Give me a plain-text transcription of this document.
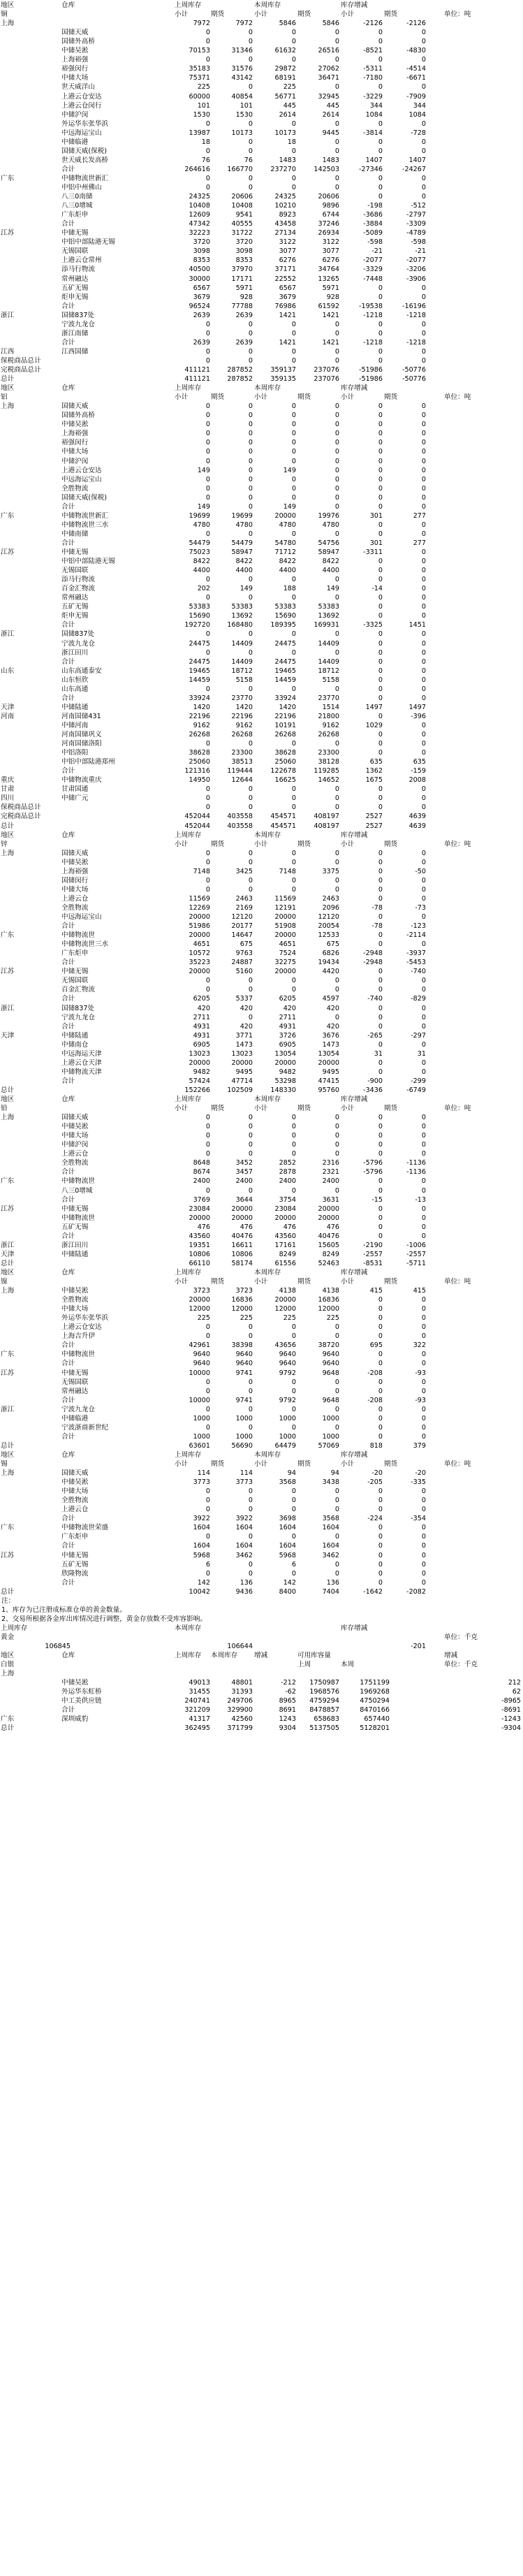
地区	仓库	上周库存	本周库存	库存增减
铜	小计	期货	小计	期货	小计	期货	单位：吨
上海	7972	7972	5846	5846	-2126	-2126
国储天威	0	0	0	0	0	0
国储外高桥	0	0	0	0	0	0
中储吴淞	70153	31346	61632	26516	-8521	-4830
上海裕强	0	0	0	0	0	0
裕强闵行	35183	31576	29872	27062	-5311	-4514
中储大场	75371	43142	68191	36471	-7180	-6671
世天威洋山	225	0	225	0	0	0
上港云仓安达	60000	40854	56771	32945	-3229	-7909
上港云仓闵行	101	101	445	445	344	344
中储沪闵	1530	1530	2614	2614	1084	1084
外运华东张华浜	0	0	0	0	0	0
中远海运宝山	13987	10173	10173	9445	-3814	-728
中储临港	18	0	18	0	0	0
国储天威(保税)	0	0	0	0	0	0
世天威长发高桥	76	76	1483	1483	1407	1407
合计	264616	166770	237270	142503	-27346	-24267
广东	中储物流世新汇	0	0	0	0	0	0
中铝中州佛山	0	0	0	0	0	0
八三0南储	24325	20606	24325	20606	0	0
八三0增城	10408	10408	10210	9896	-198	-512
广东炬申	12609	9541	8923	6744	-3686	-2797
合计	47342	40555	43458	37246	-3884	-3309
江苏	中储无锡	32223	31722	27134	26934	-5089	-4789
中铝中部陆港无锡	3720	3720	3122	3122	-598	-598
无锡国联	3098	3098	3077	3077	-21	-21
上港云仓常州	8353	8353	6276	6276	-2077	-2077
添马行物流	40500	37970	37171	34764	-3329	-3206
常州融达	30000	17171	22552	13265	-7448	-3906
五矿无锡	6567	5971	6567	5971	0	0
炬申无锡	3679	928	3679	928	0	0
合计	96524	77788	76986	61592	-19538	-16196
浙江	国储837处	2639	2639	1421	1421	-1218	-1218
宁波九龙仓	0	0	0	0	0	0
浙江南储	0	0	0	0	0	0
合计	2639	2639	1421	1421	-1218	-1218
江西	江西国储	0	0	0	0	0	0
保税商品总计	0	0	0	0	0	0
完税商品总计	411121	287852	359137	237076	-51986	-50776
总计	411121	287852	359135	237076	-51986	-50776
地区	仓库	上周库存	本周库存	库存增减
铝	小计	期货	小计	期货	小计	期货	单位：吨
上海	国储天威	0	0	0	0	0	0
国储外高桥	0	0	0	0	0	0
中储吴淞	0	0	0	0	0	0
上海裕强	0	0	0	0	0	0
裕强闵行	0	0	0	0	0	0
中储大场	0	0	0	0	0	0
中储沪闵	0	0	0	0	0	0
上港云仓安达	149	0	149	0	0	0
中远海运宝山	0	0	0	0	0	0
全胜物流	0	0	0	0	0	0
国储天威(保税)	0	0	0	0	0	0
合计	149	0	149	0	0	0
广东	中储物流世新汇	19699	19699	20000	19976	301	277
中储物流世三水	4780	4780	4780	4780	0	0
中储南储	0	0	0	0	0	0
合计	54479	54479	54780	54756	301	277
江苏	中储无锡	75023	58947	71712	58947	-3311	0
中铝中部陆港无锡	8422	8422	8422	8422	0	0
无锡国联	4400	4400	4400	4400	0	0
添马行物流	0	0	0	0	0	0
百金汇物流	202	149	188	149	-14	0
常州融达	0	0	0	0	0	0
五矿无锡	53383	53383	53383	53383	0	0
炬申无锡	15690	13692	15690	13692	0	0
合计	192720	168480	189395	169931	-3325	1451
浙江	国储837处	0	0	0	0	0	0
宁波九龙仓	24475	14409	24475	14409	0	0
浙江田川	0	0	0	0	0	0
合计	24475	14409	24475	14409	0	0
山东	山东高通泰安	19465	18712	19465	18712	0	0
山东恒欣	14459	5158	14459	5158	0	0
山东高通	0	0	0	0	0	0
合计	33924	23770	33924	23770	0	0
天津	中储陆通	1420	1420	1420	1514	1497	1497
河南	河南国储431	22196	22196	22196	21800	0	-396
中储河南	9162	9162	10191	9162	1029	0
河南国储巩义	26268	26268	26268	26268	0	0
河南国储洛阳	0	0	0	0	0	0
中铝洛阳	38628	23300	38628	23300	0	0
中铝中部陆港郑州	25060	38513	25060	38128	635	635
合计	121316	119444	122678	119285	1362	-159
重庆	中储物流重庆	14950	12644	16625	14652	1675	2008
甘肃	甘肃国通	0	0	0	0	0	0
四川	中储广元	0	0	0	0	0	0
保税商品总计	0	0	0	0	0	0
完税商品总计	452044	403558	454571	408197	2527	4639
总计	452044	403558	454571	408197	2527	4639
地区	仓库	上周库存	本周库存	库存增减
锌	小计	期货	小计	期货	小计	期货	单位：吨
上海	国储天威	0	0	0	0	0	0
中储吴淞	0	0	0	0	0	0
上海裕强	7148	3425	7148	3375	0	-50
国储闵行	0	0	0	0	0	0
中储大场	0	0	0	0	0	0
上港云仓	11569	2463	11569	2463	0	0
全胜物流	12269	2169	12191	2096	-78	-73
中远海运宝山	20000	12120	20000	12120	0	0
合计	51986	20177	51908	20054	-78	-123
广东	中储物流世	20000	14647	20000	12533	0	-2114
中储物流世三水	4651	675	4651	675	0	0
广东炬申	10572	9763	7524	6826	-2948	-3937
合计	35223	24887	32275	19434	-2948	-5453
江苏	中储无锡	20000	5160	20000	4420	0	-740
无锡国联	0	0	0	0	0	0
百金汇物流	0	0	0	0	0	0
合计	6205	5337	6205	4597	-740	-829
浙江	国储837处	420	420	420	420	0	0
宁波九龙仓	2711	0	2711	0	0	0
合计	4931	420	4931	420	0	0
天津	中储陆通	4931	3771	3726	3676	-265	-297
中储南仓	6905	1473	6905	1473	0	0
中远海运天津	13023	13023	13054	13054	31	31
上港云仓天津	20000	20000	20000	20000	0	0
中储物流天津	9482	9495	9482	9495	0	0
合计	57424	47714	53298	47415	-900	-299
总计	152266	102509	148330	95760	-3436	-6749
地区	仓库	上周库存	本周库存	库存增减
铅	小计	期货	小计	期货	小计	期货	单位：吨
上海	国储天威	0	0	0	0	0	0
中储吴淞	0	0	0	0	0	0
中储大场	0	0	0	0	0	0
中储沪闵	0	0	0	0	0	0
上港云仓	0	0	0	0	0	0
全胜物流	8648	3452	2852	2316	-5796	-1136
合计	8674	3457	2878	2321	-5796	-1136
广东	中储物流世	2400	2400	2400	2400	0	0
八三0增城	0	0	0	0	0	0
合计	3769	3644	3754	3631	-15	-13
江苏	中储无锡	23084	20000	23084	20000	0	0
中储物流世	20000	20000	20000	20000	0	0
五矿无锡	476	476	476	476	0	0
合计	43560	40476	43560	40476	0	0
浙江	浙江田川	19351	16611	17161	15605	-2190	-1006
天津	中储陆通	10806	10806	8249	8249	-2557	-2557
总计	66110	58174	61556	52463	-8531	-5711
地区	仓库	上周库存	本周库存	库存增减
镍	小计	期货	小计	期货	小计	期货	单位：吨
上海	中储吴淞	3723	3723	4138	4138	415	415
全胜物流	20000	16836	20000	16836	0	0
中储大场	12000	12000	12000	12000	0	0
外运华东张华浜	225	225	225	225	0	0
上港云仓安达	0	0	0	0	0	0
上海吉升伊	0	0	0	0	0	0
合计	42961	38398	43656	38720	695	322
广东	中储物流世	9640	9640	9640	9640	0	0
合计	9640	9640	9640	9640	0	0
江苏	中储无锡	10000	9741	9792	9648	-208	-93
无锡国联	0	0	0	0	0	0
常州融达	0	0	0	0	0	0
合计	10000	9741	9792	9648	-208	-93
浙江	宁波九龙仓	0	0	0	0	0	0
中储临港	1000	1000	1000	1000	0	0
宁波浙商新世纪	0	0	0	0	0	0
合计	1000	1000	1000	1000	0	0
总计	63601	56690	64479	57069	818	379
地区	仓库	上周库存	本周库存	库存增减
锡	小计	期货	小计	期货	小计	期货	单位：吨
上海	国储天威	114	114	94	94	-20	-20
中储吴淞	3773	3773	3568	3438	-205	-335
中储大场	0	0	0	0	0	0
全胜物流	0	0	0	0	0	0
上港云仓	0	0	0	0	0	0
合计	3922	3922	3698	3568	-224	-354
广东	中储物流世荣盛	1604	1604	1604	1604	0	0
广东炬申	0	0	0	0	0	0
合计	1604	1604	1604	1604	0	0
江苏	中储无锡	5968	3462	5968	3462	0	0
五矿无锡	6	0	6	0	0	0
欣隆物流	0	0	0	0	0	0
合计	142	136	142	136	0	0
总计	10042	9436	8400	7404	-1642	-2082
注：
1、库存为已注册成标准仓单的黄金数量。
2、交易所根据各金库出库情况进行调整，黄金存放数不受库容影响。
上周库存	本周库存	库存增减
黄金	单位：千克
106845	106644	-201
地区	仓库	上周库存 本周库存 增减	可用库容量	增减
白银	上周	本周	单位：千克
上海
中储吴淞	49013	48801	-212	1750987	1751199	212
外运华东虹桥	31455	31393	-62	1968576	1969268	62
中工美供应链	240741	249706	8965	4759294	4750294	-8965
合计	321209	329900	8691	8478857	8470166	-8691
广东	深圳威豹	41317	42560	1243	658683	657440	-1243
总计	362495	371799	9304	5137505	5128201	-9304
